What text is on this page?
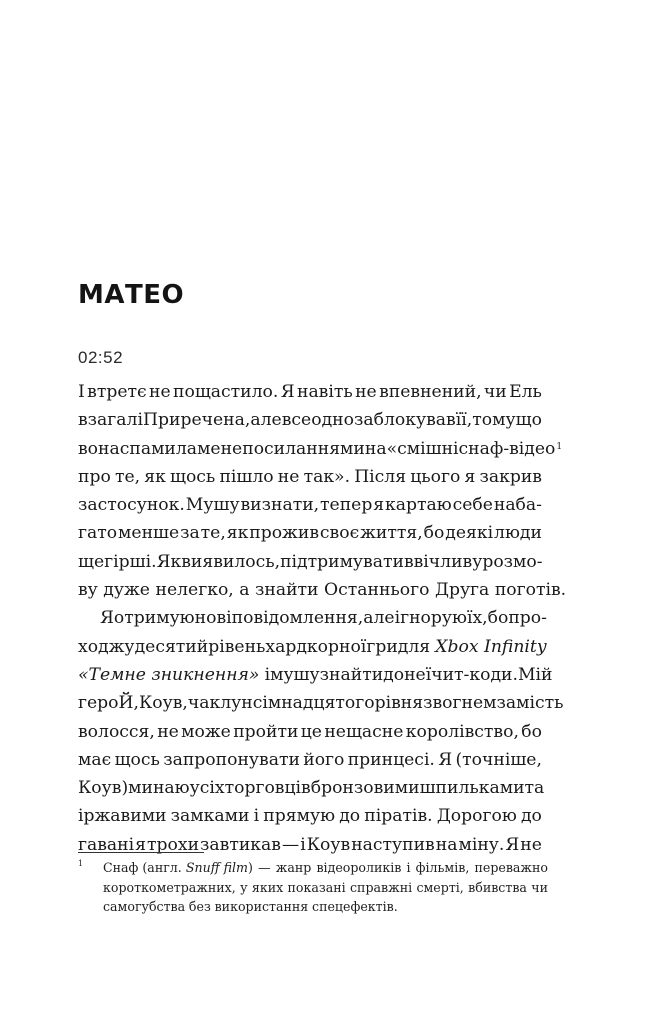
МАТЕО
02:52
І втретє не пощастило. Я навіть не впевнений, чи Ель
взагалі Приречена, але все одно заблокував її, тому що
вона спамила мене посиланнями на «смішні снаф-відео$^1$
про те, як щось пішло не так». Після цього я закрив
застосунок. Мушу визнати, тепер я картаю себе наба-
гато менше за те, як прожив своє життя, бо деякі люди
ще гірші. Як виявилось, підтримувати ввічливу розмо-
ву дуже нелегко, а знайти Останнього Друга поготів.
Я отримую нові повідомлення, але ігнорую їх, бо про-
ходжу десятий рівень хардкорної гри для Xbox Infinity
«Темне зникнення» і мушу знайти до неї чит-коди. Мій
героЙ, Коув, чаклун сімнадцятого рівня з вогнем замість
волосся, не може пройти це нещасне королівство, бо
має щось запропонувати його принцесі. Я (точніше,
Коув) минаю усіх торговців бронзовими шпильками та
іржавими замками і прямую до піратів. Дорогою до
гавані я трохи завтикав — і Коув наступив на міну. Я не
1 Снаф (англ. Snuff film ) — жанр відеороликів і фільмів, переважно
короткометражних, у яких показані справжні смерті, вбивства чи
самогубства без використання спецефектів.
